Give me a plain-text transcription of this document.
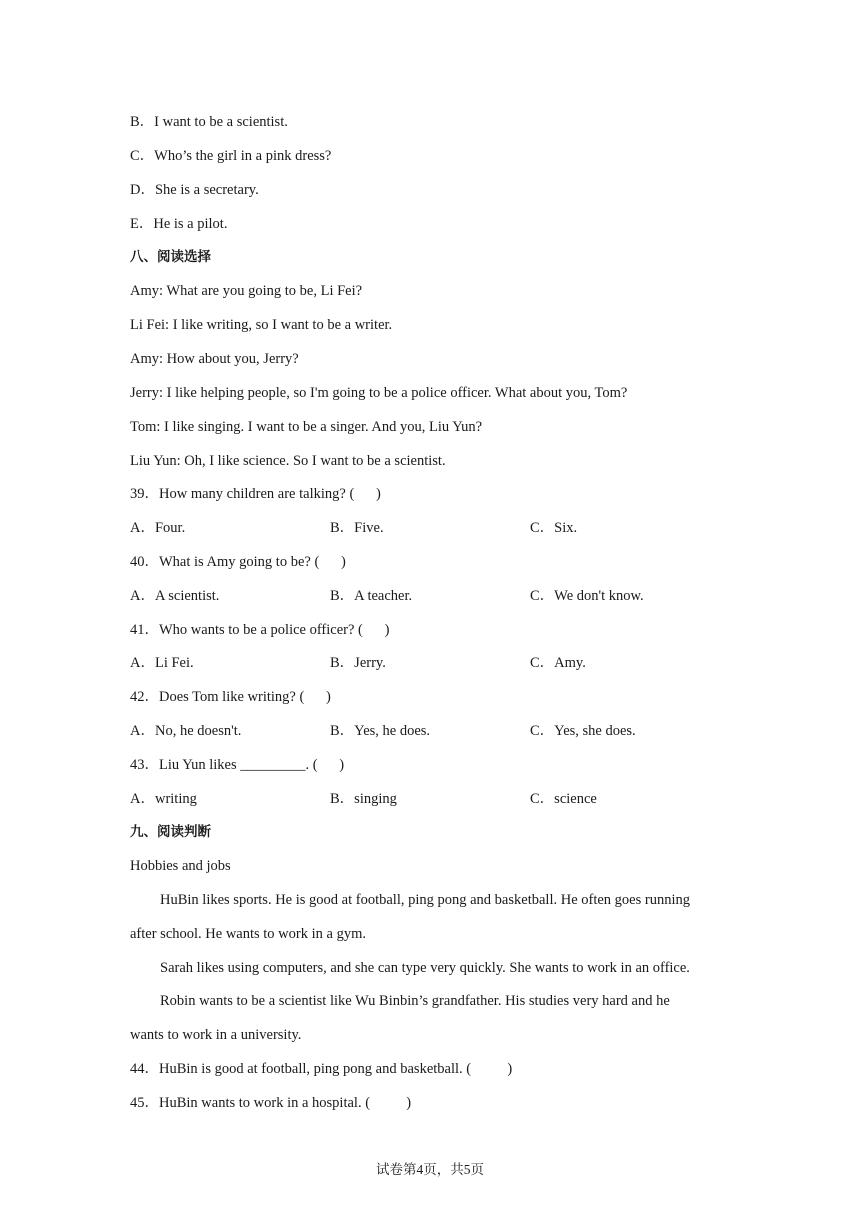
B．I want to be a scientist.
C．Who’s the girl in a pink dress?
D．She is a secretary.
E．He is a pilot.
八、阅读选择
Amy: What are you going to be, Li Fei?
Li Fei: I like writing, so I want to be a writer.
Amy: How about you, Jerry?
Jerry: I like helping people, so I'm going to be a police officer. What about you, Tom?
Tom: I like singing. I want to be a singer. And you, Liu Yun?
Liu Yun: Oh, I like science. So I want to be a scientist.
39．How many children are talking? (      )
A．Four.	B．Five.	C．Six.
40．What is Amy going to be? (      )
A．A scientist.	B．A teacher.	C．We don't know.
41．Who wants to be a police officer? (      )
A．Li Fei.	B．Jerry.	C．Amy.
42．Does Tom like writing? (      )
A．No, he doesn't.	B．Yes, he does.	C．Yes, she does.
43．Liu Yun likes _________. (      )
A．writing	B．singing	C．science
九、阅读判断
Hobbies and jobs
HuBin likes sports. He is good at football, ping pong and basketball. He often goes running
after school. He wants to work in a gym.
Sarah likes using computers, and she can type very quickly. She wants to work in an office.
Robin wants to be a scientist like Wu Binbin’s grandfather. His studies very hard and he
wants to work in a university.
44．HuBin is good at football, ping pong and basketball. (          )
45．HuBin wants to work in a hospital. (          )
试卷第4页，共5页
